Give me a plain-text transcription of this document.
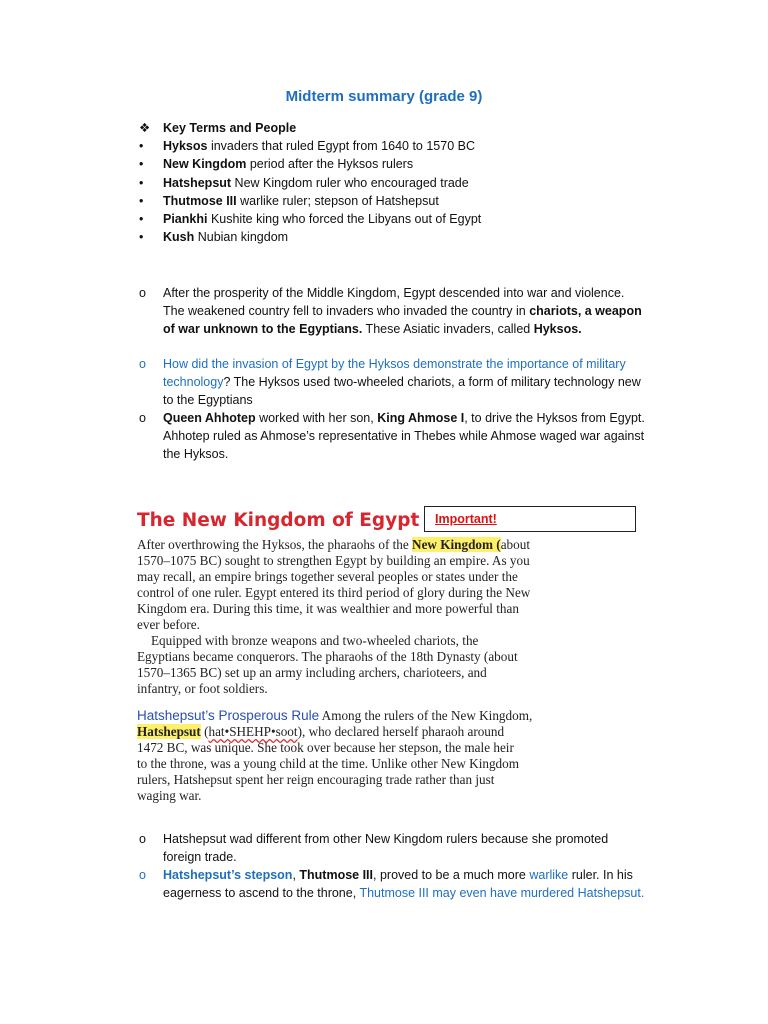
Midterm summary (grade 9)
❖ Key Terms and People
• Hyksos invaders that ruled Egypt from 1640 to 1570 BC
• New Kingdom period after the Hyksos rulers
• Hatshepsut New Kingdom ruler who encouraged trade
• Thutmose III warlike ruler; stepson of Hatshepsut
• Piankhi Kushite king who forced the Libyans out of Egypt
• Kush Nubian kingdom
o	After the prosperity of the Middle Kingdom, Egypt descended into war and violence. The weakened country fell to invaders who invaded the country in chariots, a weapon of war unknown to the Egyptians. These Asiatic invaders, called Hyksos.
o	How did the invasion of Egypt by the Hyksos demonstrate the importance of military technology? The Hyksos used two-wheeled chariots, a form of military technology new to the Egyptians
o	Queen Ahhotep worked with her son, King Ahmose I, to drive the Hyksos from Egypt. Ahhotep ruled as Ahmose’s representative in Thebes while Ahmose waged war against the Hyksos.
The New Kingdom of Egypt Important!
After overthrowing the Hyksos, the pharaohs of the New Kingdom (about
1570–1075 BC) sought to strengthen Egypt by building an empire. As you
may recall, an empire brings together several peoples or states under the
control of one ruler. Egypt entered its third period of glory during the New
Kingdom era. During this time, it was wealthier and more powerful than
ever before.
Equipped with bronze weapons and two-wheeled chariots, the
Egyptians became conquerors. The pharaohs of the 18th Dynasty (about
1570–1365 BC) set up an army including archers, charioteers, and
infantry, or foot soldiers.
Hatshepsut’s Prosperous Rule Among the rulers of the New Kingdom,
Hatshepsut (hat•SHEHP•soot), who declared herself pharaoh around
1472 BC, was unique. She took over because her stepson, the male heir
to the throne, was a young child at the time. Unlike other New Kingdom
rulers, Hatshepsut spent her reign encouraging trade rather than just
waging war.
o	Hatshepsut wad different from other New Kingdom rulers because she promoted foreign trade.
o	Hatshepsut’s stepson, Thutmose III, proved to be a much more warlike ruler. In his eagerness to ascend to the throne, Thutmose III may even have murdered Hatshepsut.
